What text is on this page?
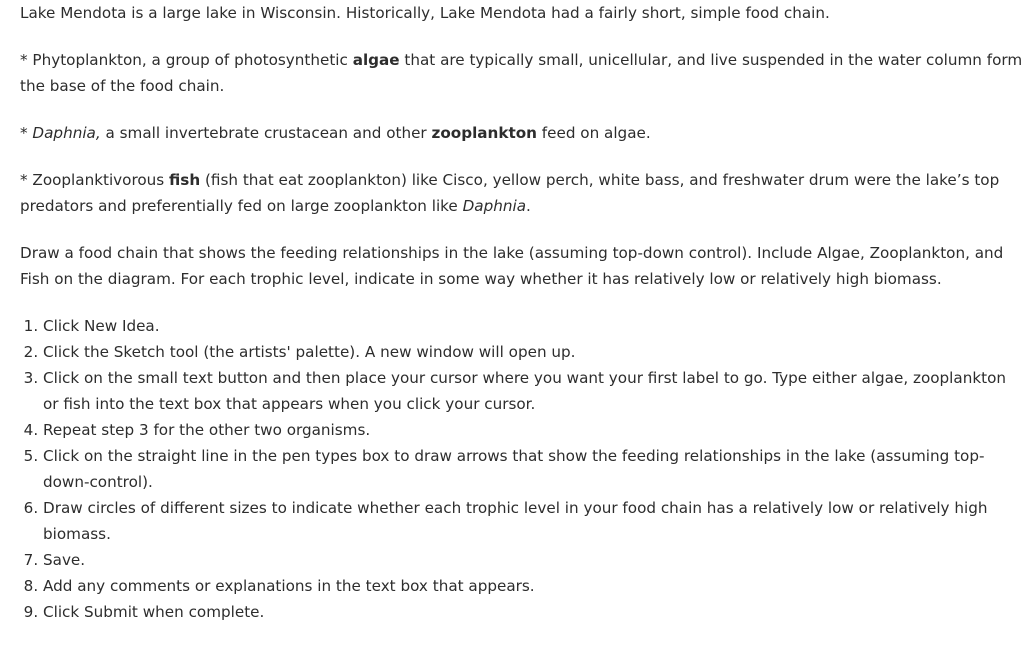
Lake Mendota is a large lake in Wisconsin. Historically, Lake Mendota had a fairly short, simple food chain.

* Phytoplankton, a group of photosynthetic algae that are typically small, unicellular, and live suspended in the water column form the base of the food chain.

* Daphnia, a small invertebrate crustacean and other zooplankton feed on algae.

* Zooplanktivorous fish (fish that eat zooplankton) like Cisco, yellow perch, white bass, and freshwater drum were the lake’s top predators and preferentially fed on large zooplankton like Daphnia.

Draw a food chain that shows the feeding relationships in the lake (assuming top-down control). Include Algae, Zooplankton, and Fish on the diagram. For each trophic level, indicate in some way whether it has relatively low or relatively high biomass.

1. Click New Idea.
2. Click the Sketch tool (the artists' palette). A new window will open up.
3. Click on the small text button and then place your cursor where you want your first label to go. Type either algae, zooplankton or fish into the text box that appears when you click your cursor.
4. Repeat step 3 for the other two organisms.
5. Click on the straight line in the pen types box to draw arrows that show the feeding relationships in the lake (assuming top-down-control).
6. Draw circles of different sizes to indicate whether each trophic level in your food chain has a relatively low or relatively high biomass.
7. Save.
8. Add any comments or explanations in the text box that appears.
9. Click Submit when complete.
